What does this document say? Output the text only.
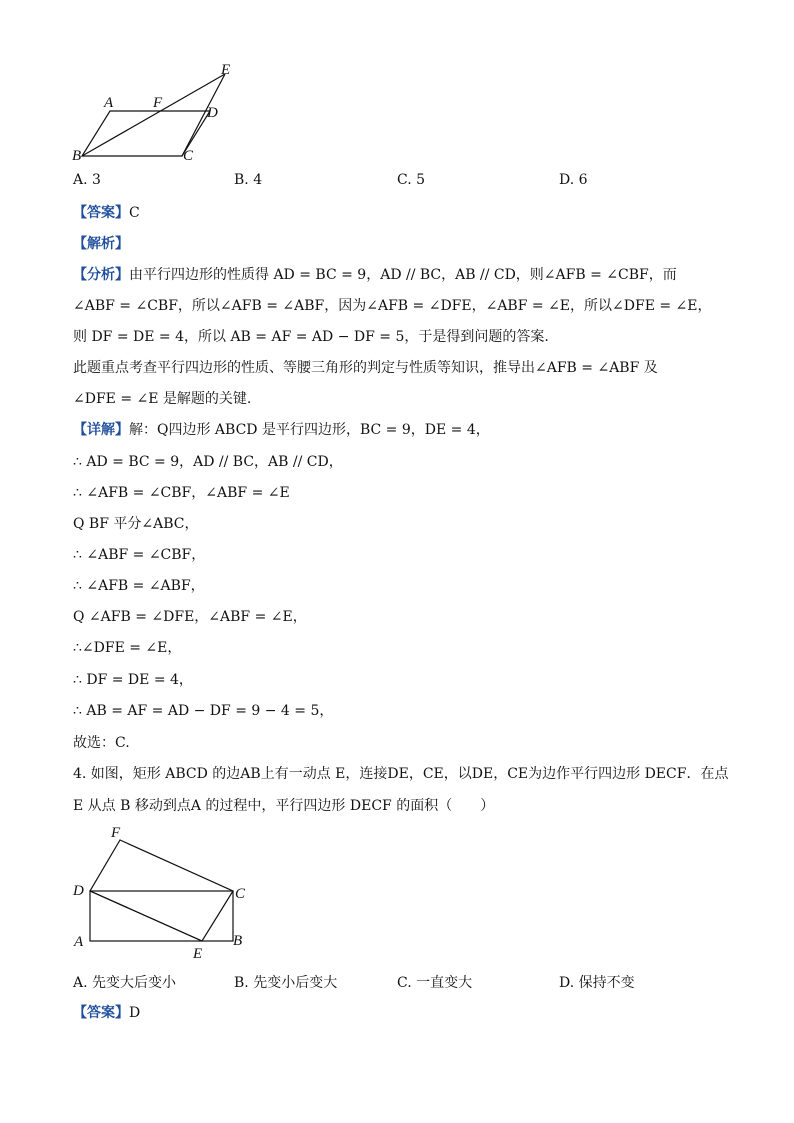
E
A	F
D
B	C
A. 3	B. 4	C. 5	D. 6
【答案】C
【解析】
【分析】由平行四边形的性质得 AD = BC = 9，AD // BC，AB // CD，则∠AFB = ∠CBF，而
∠ABF = ∠CBF，所以∠AFB = ∠ABF，因为∠AFB = ∠DFE，∠ABF = ∠E，所以∠DFE = ∠E，
则 DF = DE = 4，所以 AB = AF = AD − DF = 5，于是得到问题的答案.
此题重点考查平行四边形的性质、等腰三角形的判定与性质等知识，推导出∠AFB = ∠ABF 及
∠DFE = ∠E 是解题的关键.
【详解】解：Q四边形 ABCD 是平行四边形，BC = 9，DE = 4，
∴ AD = BC = 9，AD // BC，AB // CD，
∴ ∠AFB = ∠CBF，∠ABF = ∠E
Q BF 平分∠ABC，
∴ ∠ABF = ∠CBF，
∴ ∠AFB = ∠ABF，
Q ∠AFB = ∠DFE，∠ABF = ∠E，
∴∠DFE = ∠E，
∴ DF = DE = 4，
∴ AB = AF = AD − DF = 9 − 4 = 5，
故选：C.
4. 如图，矩形 ABCD 的边AB上有一动点 E，连接DE，CE，以DE，CE为边作平行四边形 DECF．在点
E 从点 B 移动到点A 的过程中，平行四边形 DECF 的面积（　　）
F
D	C
A
E
B
A. 先变大后变小	B. 先变小后变大	C. 一直变大	D. 保持不变
【答案】D
